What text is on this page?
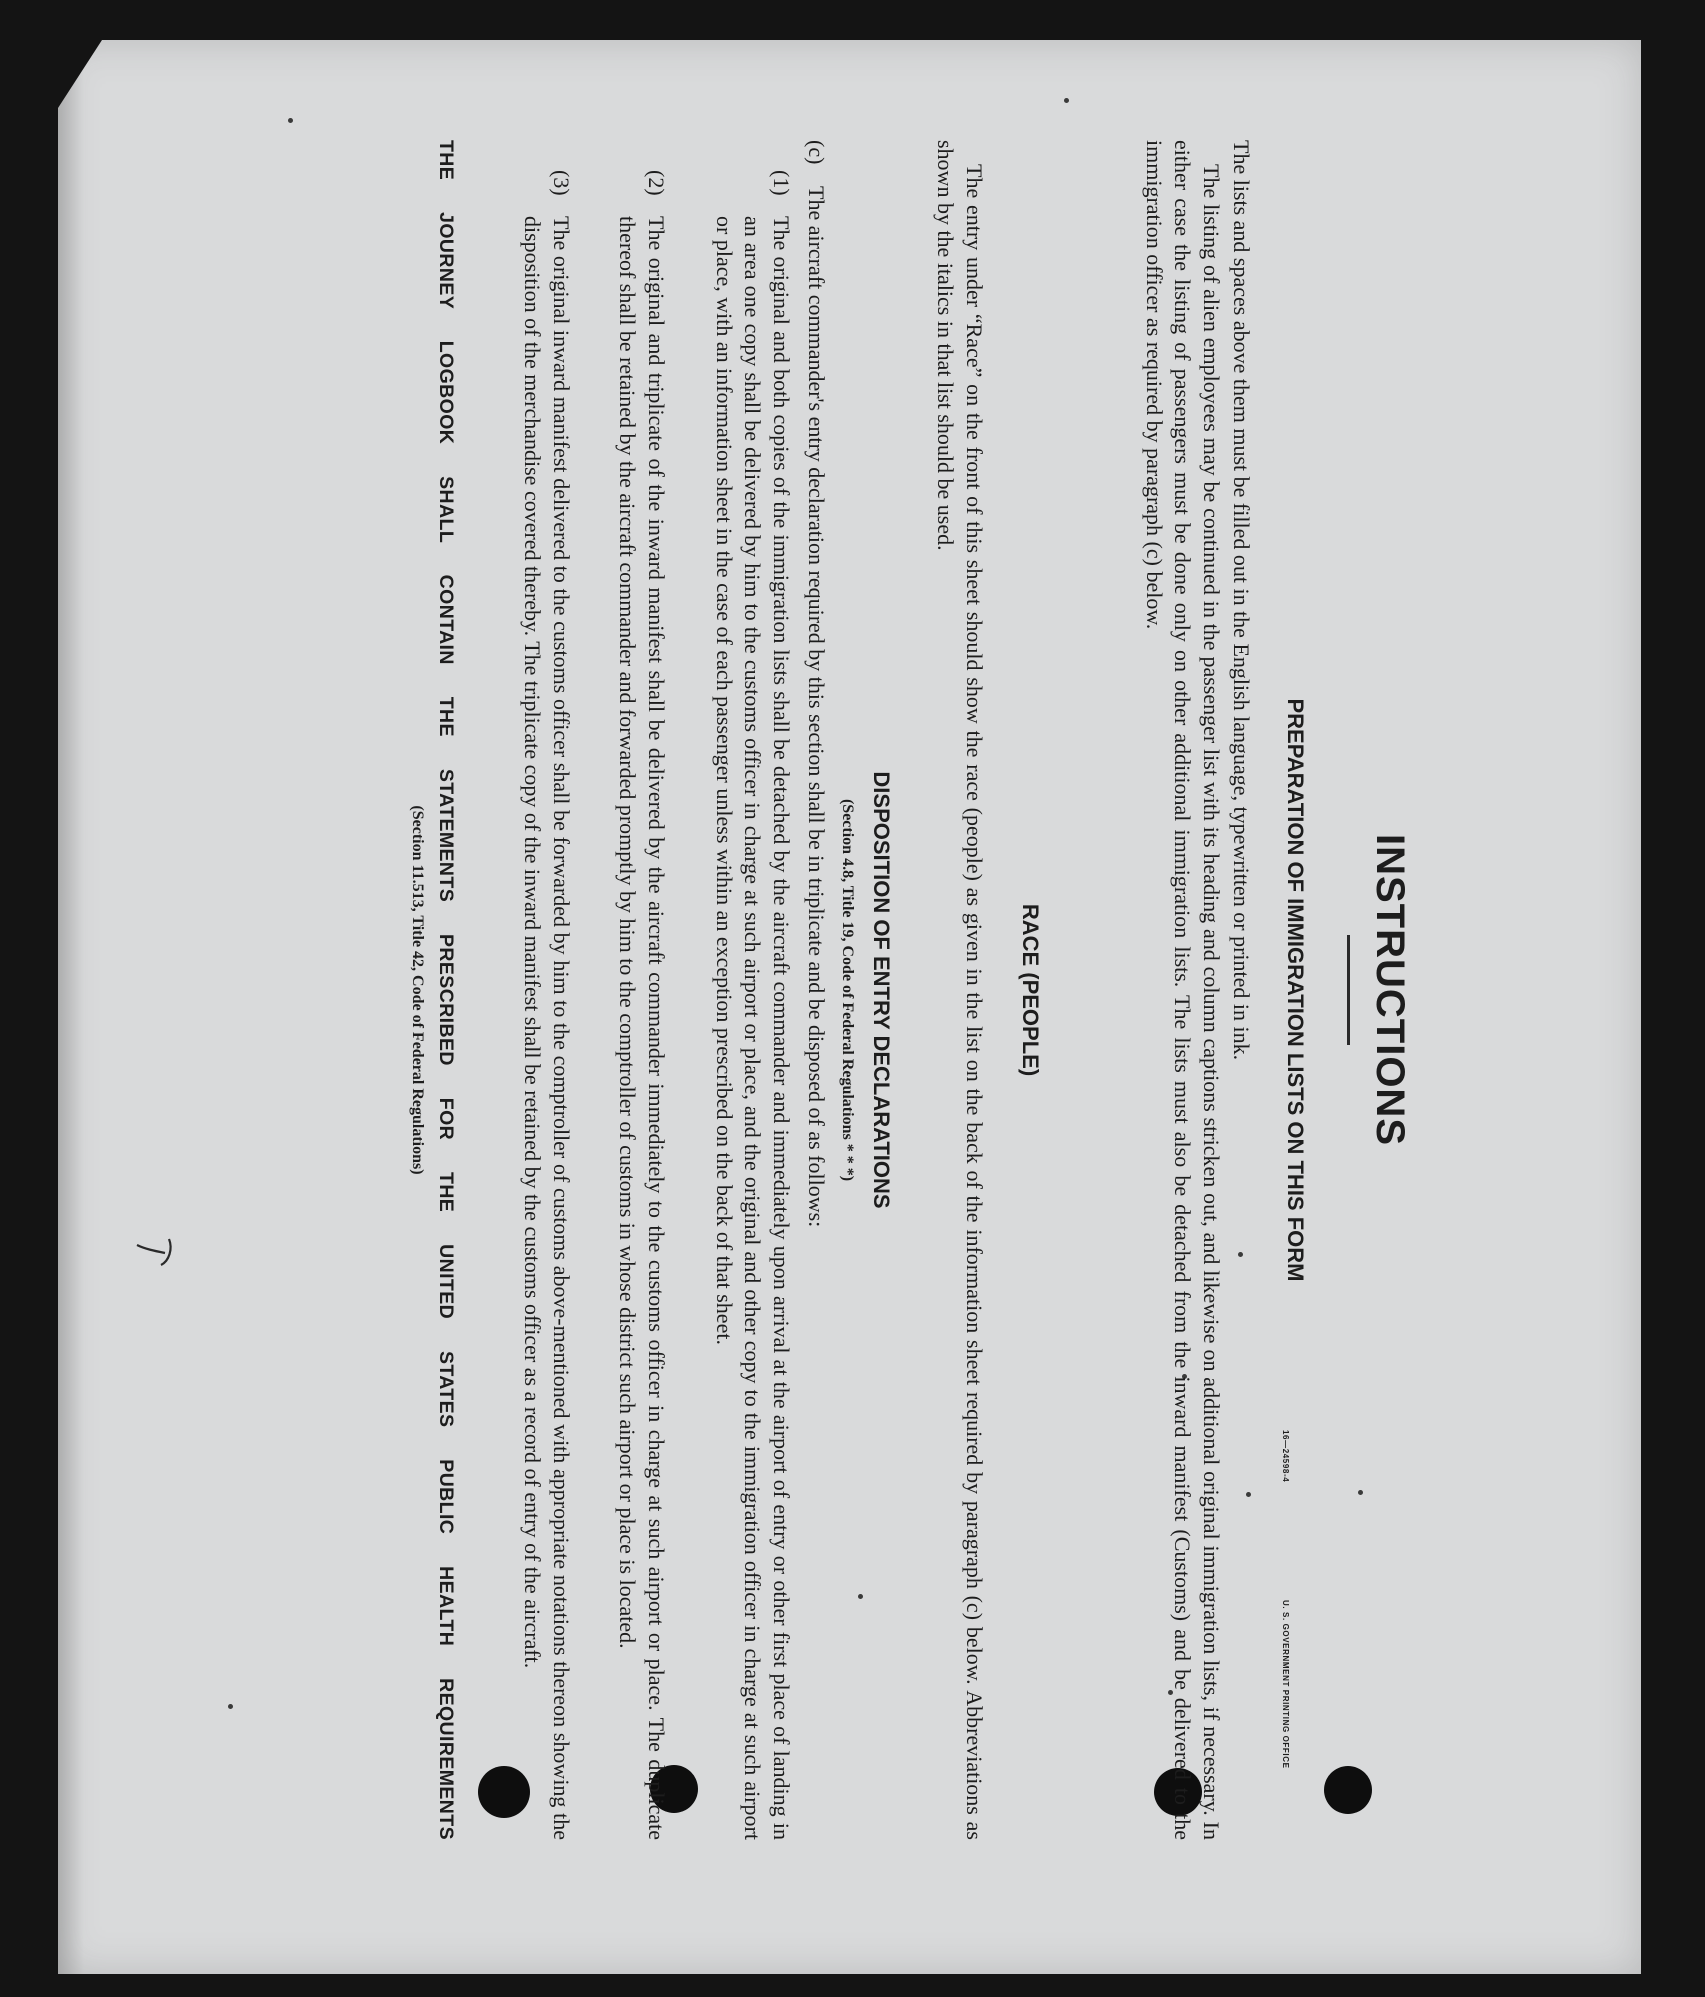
INSTRUCTIONS
PREPARATION OF IMMIGRATION LISTS ON THIS FORM

The lists and spaces above them must be filled out in the English language, typewritten or printed in ink.

The listing of alien employees may be continued in the passenger list with its heading and column captions stricken out, and likewise on additional original immigration lists, if necessary. In either case the listing of passengers must be done only on other additional immigration lists. The lists must also be detached from the inward manifest (Customs) and be delivered to the immigration officer as required by paragraph (c) below.

RACE (PEOPLE)

The entry under “Race” on the front of this sheet should show the race (people) as given in the list on the back of the information sheet required by paragraph (c) below. Abbreviations as shown by the italics in that list should be used.

DISPOSITION OF ENTRY DECLARATIONS

(Section 4.8, Title 19, Code of Federal Regulations * * *)

(c)
The aircraft commander's entry declaration required by this section shall be in triplicate and be disposed of as follows:

(1)
The original and both copies of the immigration lists shall be detached by the aircraft commander and immediately upon arrival at the airport of entry or other first place of landing in an area one copy shall be delivered by him to the customs officer in charge at such airport or place, and the original and other copy to the immigration officer in charge at such airport or place, with an information sheet in the case of each passenger unless within an exception prescribed on the back of that sheet.

(2)
The original and triplicate of the inward manifest shall be delivered by the aircraft commander immediately to the customs officer in charge at such airport or place. The duplicate thereof shall be retained by the aircraft commander and forwarded promptly by him to the comptroller of customs in whose district such airport or place is located.

(3)
The original inward manifest delivered to the customs officer shall be forwarded by him to the comptroller of customs above-mentioned with appropriate notations thereon showing the disposition of the merchandise covered thereby. The triplicate copy of the inward manifest shall be retained by the customs officer as a record of entry of the aircraft.

THE JOURNEY LOGBOOK SHALL CONTAIN THE STATEMENTS PRESCRIBED FOR THE UNITED STATES PUBLIC HEALTH REQUIREMENTS

(Section 11.513, Title 42, Code of Federal Regulations)

16—24598-4
U. S. GOVERNMENT PRINTING OFFICE
